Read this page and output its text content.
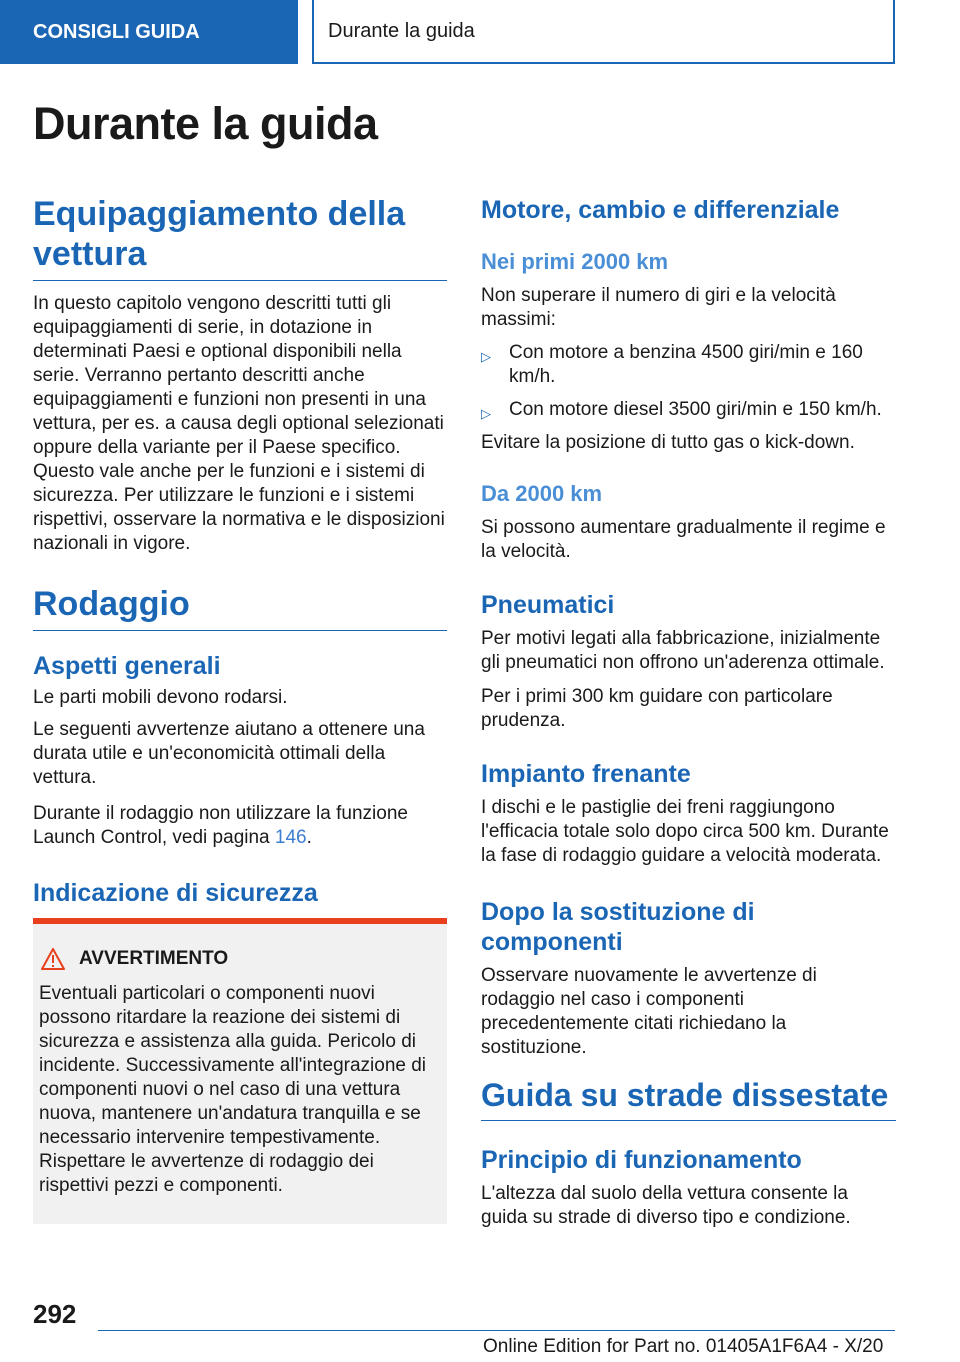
CONSIGLI GUIDA	Durante la guida
Durante la guida
Equipaggiamento della vettura
In questo capitolo vengono descritti tutti gli equipaggiamenti di serie, in dotazione in determinati Paesi e optional disponibili nella serie. Verranno pertanto descritti anche equipaggiamenti e funzioni non presenti in una vettura, per es. a causa degli optional selezionati oppure della variante per il Paese specifico. Questo vale anche per le funzioni e i sistemi di sicurezza. Per utilizzare le funzioni e i sistemi rispettivi, osservare la normativa e le disposizioni nazionali in vigore.
Rodaggio
Aspetti generali
Le parti mobili devono rodarsi.
Le seguenti avvertenze aiutano a ottenere una durata utile e un'economicità ottimali della vettura.
Durante il rodaggio non utilizzare la funzione Launch Control, vedi pagina 146.
Indicazione di sicurezza
AVVERTIMENTO
Eventuali particolari o componenti nuovi possono ritardare la reazione dei sistemi di sicurezza e assistenza alla guida. Pericolo di incidente. Successivamente all'integrazione di componenti nuovi o nel caso di una vettura nuova, mantenere un'andatura tranquilla e se necessario intervenire tempestivamente. Rispettare le avvertenze di rodaggio dei rispettivi pezzi e componenti.
Motore, cambio e differenziale
Nei primi 2000 km
Non superare il numero di giri e la velocità massimi:
▷ Con motore a benzina 4500 giri/min e 160 km/h.
▷ Con motore diesel 3500 giri/min e 150 km/h.
Evitare la posizione di tutto gas o kick-down.
Da 2000 km
Si possono aumentare gradualmente il regime e la velocità.
Pneumatici
Per motivi legati alla fabbricazione, inizialmente gli pneumatici non offrono un'aderenza ottimale.
Per i primi 300 km guidare con particolare prudenza.
Impianto frenante
I dischi e le pastiglie dei freni raggiungono l'efficacia totale solo dopo circa 500 km. Durante la fase di rodaggio guidare a velocità moderata.
Dopo la sostituzione di componenti
Osservare nuovamente le avvertenze di rodaggio nel caso i componenti precedentemente citati richiedano la sostituzione.
Guida su strade dissestate
Principio di funzionamento
L'altezza dal suolo della vettura consente la guida su strade di diverso tipo e condizione.
292
Online Edition for Part no. 01405A1F6A4 - X/20
